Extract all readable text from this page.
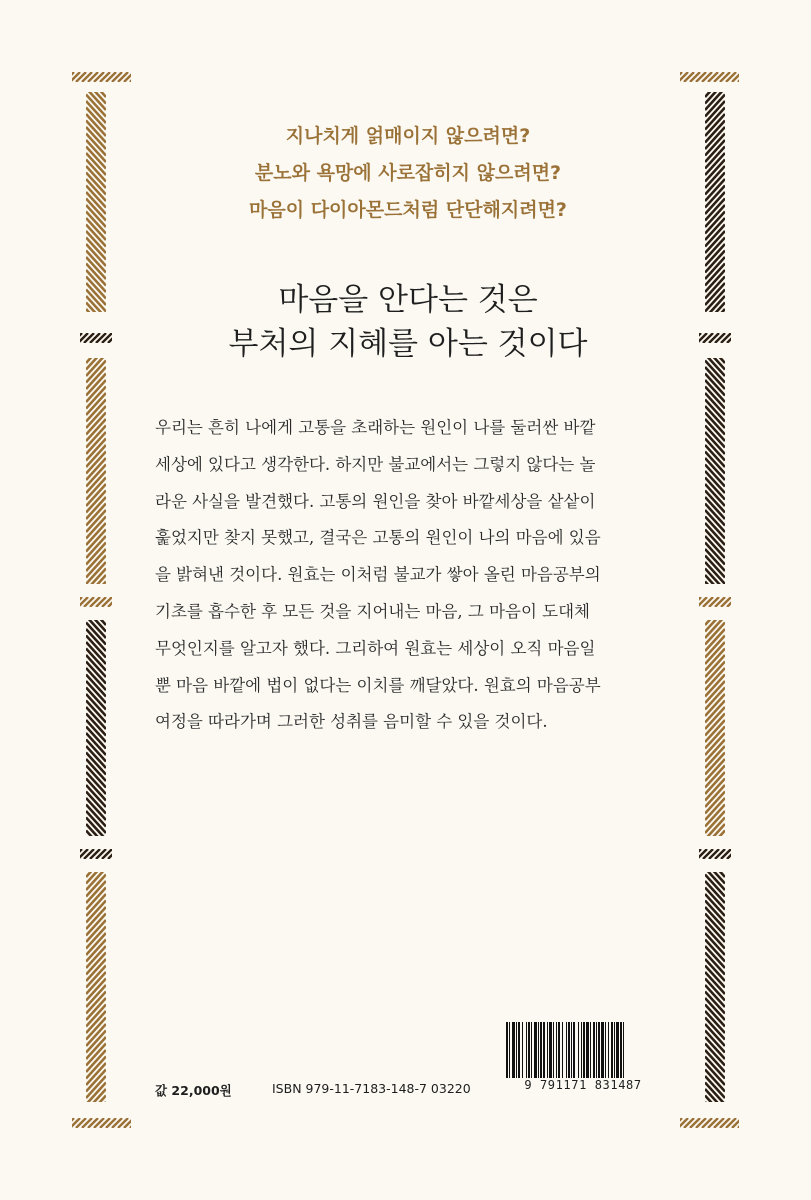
지나치게 얽매이지 않으려면?
분노와 욕망에 사로잡히지 않으려면?
마음이 다이아몬드처럼 단단해지려면?
마음을 안다는 것은
부처의 지혜를 아는 것이다
우리는 흔히 나에게 고통을 초래하는 원인이 나를 둘러싼 바깥
세상에 있다고 생각한다. 하지만 불교에서는 그렇지 않다는 놀
라운 사실을 발견했다. 고통의 원인을 찾아 바깥세상을 샅샅이
훑었지만 찾지 못했고, 결국은 고통의 원인이 나의 마음에 있음
을 밝혀낸 것이다. 원효는 이처럼 불교가 쌓아 올린 마음공부의
기초를 흡수한 후 모든 것을 지어내는 마음, 그 마음이 도대체
무엇인지를 알고자 했다. 그리하여 원효는 세상이 오직 마음일
뿐 마음 바깥에 법이 없다는 이치를 깨달았다. 원효의 마음공부
여정을 따라가며 그러한 성취를 음미할 수 있을 것이다.
값 22,000원	ISBN 979-11-7183-148-7 03220	9 791171 831487
